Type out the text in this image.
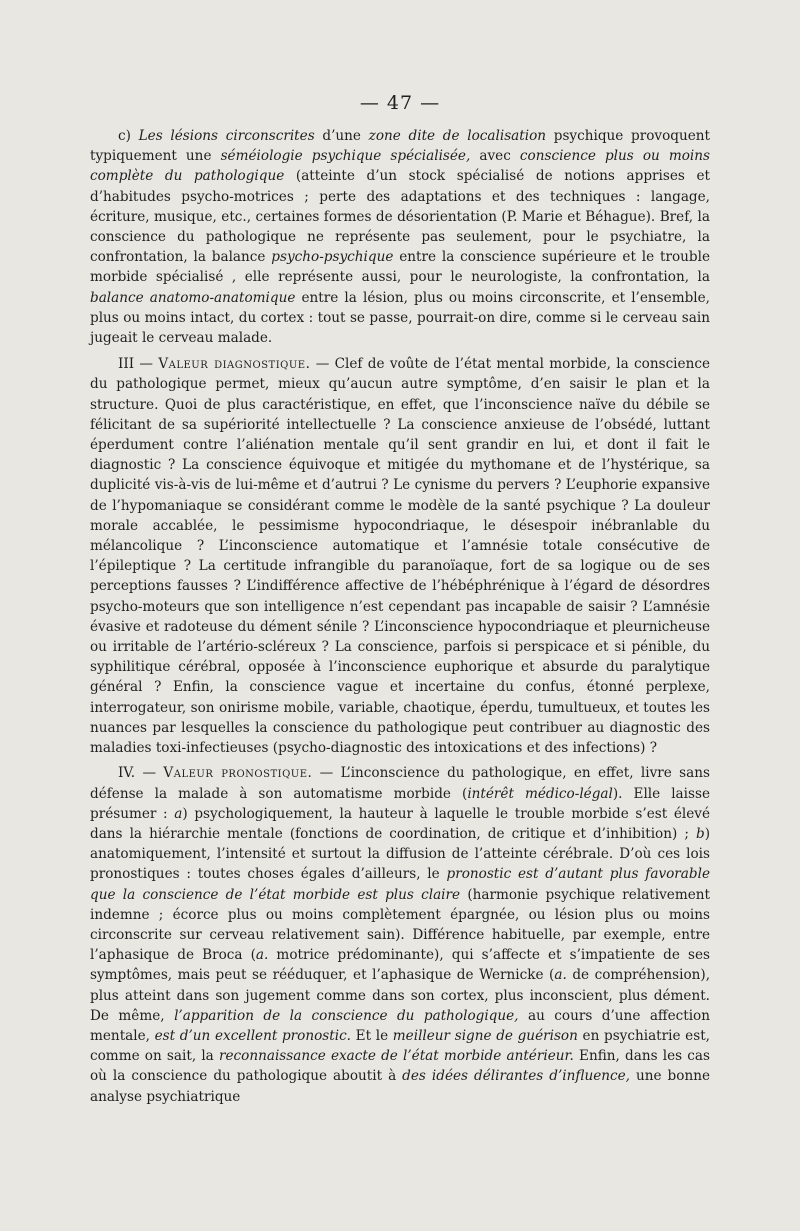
— 47 —

c) Les lésions circonscrites d’une zone dite de localisation psychique provoquent typiquement une séméiologie psychique spécialisée, avec conscience plus ou moins complète du pathologique (atteinte d’un stock spécialisé de notions apprises et d’habitudes psycho-motrices ; perte des adaptations et des techniques : langage, écriture, musique, etc., certaines formes de désorientation (P. Marie et Béhague). Bref, la conscience du pathologique ne représente pas seulement, pour le psychiatre, la confrontation, la balance psycho-psychique entre la conscience supérieure et le trouble morbide spécialisé , elle représente aussi, pour le neurologiste, la confrontation, la balance anatomo-anatomique entre la lésion, plus ou moins circonscrite, et l’ensemble, plus ou moins intact, du cortex : tout se passe, pourrait-on dire, comme si le cerveau sain jugeait le cerveau malade.

III — Valeur diagnostique. — Clef de voûte de l’état mental morbide, la conscience du pathologique permet, mieux qu’aucun autre symptôme, d’en saisir le plan et la structure. Quoi de plus caractéristique, en effet, que l’inconscience naïve du débile se félicitant de sa supériorité intellectuelle ? La conscience anxieuse de l’obsédé, luttant éperdument contre l’aliénation mentale qu’il sent grandir en lui, et dont il fait le diagnostic ? La conscience équivoque et mitigée du mythomane et de l’hystérique, sa duplicité vis-à-vis de lui-même et d’autrui ? Le cynisme du pervers ? L’euphorie expansive de l’hypomaniaque se considérant comme le modèle de la santé psychique ? La douleur morale accablée, le pessimisme hypocondriaque, le désespoir inébranlable du mélancolique ? L’inconscience automatique et l’amnésie totale consécutive de l’épileptique ? La certitude infrangible du paranoïaque, fort de sa logique ou de ses perceptions fausses ? L’indifférence affective de l’hébéphrénique à l’égard de désordres psycho-moteurs que son intelligence n’est cependant pas incapable de saisir ? L’amnésie évasive et radoteuse du dément sénile ? L’inconscience hypocondriaque et pleurnicheuse ou irritable de l’artério-scléreux ? La conscience, parfois si perspicace et si pénible, du syphilitique cérébral, opposée à l’inconscience euphorique et absurde du paralytique général ? Enfin, la conscience vague et incertaine du confus, étonné perplexe, interrogateur, son onirisme mobile, variable, chaotique, éperdu, tumultueux, et toutes les nuances par lesquelles la conscience du pathologique peut contribuer au diagnostic des maladies toxi-infectieuses (psycho-diagnostic des intoxications et des infections) ?

IV. — Valeur pronostique. — L’inconscience du pathologique, en effet, livre sans défense la malade à son automatisme morbide (intérêt médico-légal). Elle laisse présumer : a) psychologiquement, la hauteur à laquelle le trouble morbide s’est élevé dans la hiérarchie mentale (fonctions de coordination, de critique et d’inhibition) ; b) anatomiquement, l’intensité et surtout la diffusion de l’atteinte cérébrale. D’où ces lois pronostiques : toutes choses égales d’ailleurs, le pronostic est d’autant plus favorable que la conscience de l’état morbide est plus claire (harmonie psychique relativement indemne ; écorce plus ou moins complètement épargnée, ou lésion plus ou moins circonscrite sur cerveau relativement sain). Différence habituelle, par exemple, entre l’aphasique de Broca (a. motrice prédominante), qui s’affecte et s’impatiente de ses symptômes, mais peut se rééduquer, et l’aphasique de Wernicke (a. de compréhension), plus atteint dans son jugement comme dans son cortex, plus inconscient, plus dément. De même, l’apparition de la conscience du pathologique, au cours d’une affection mentale, est d’un excellent pronostic. Et le meilleur signe de guérison en psychiatrie est, comme on sait, la reconnaissance exacte de l’état morbide antérieur. Enfin, dans les cas où la conscience du pathologique aboutit à des idées délirantes d’influence, une bonne analyse psychiatrique
